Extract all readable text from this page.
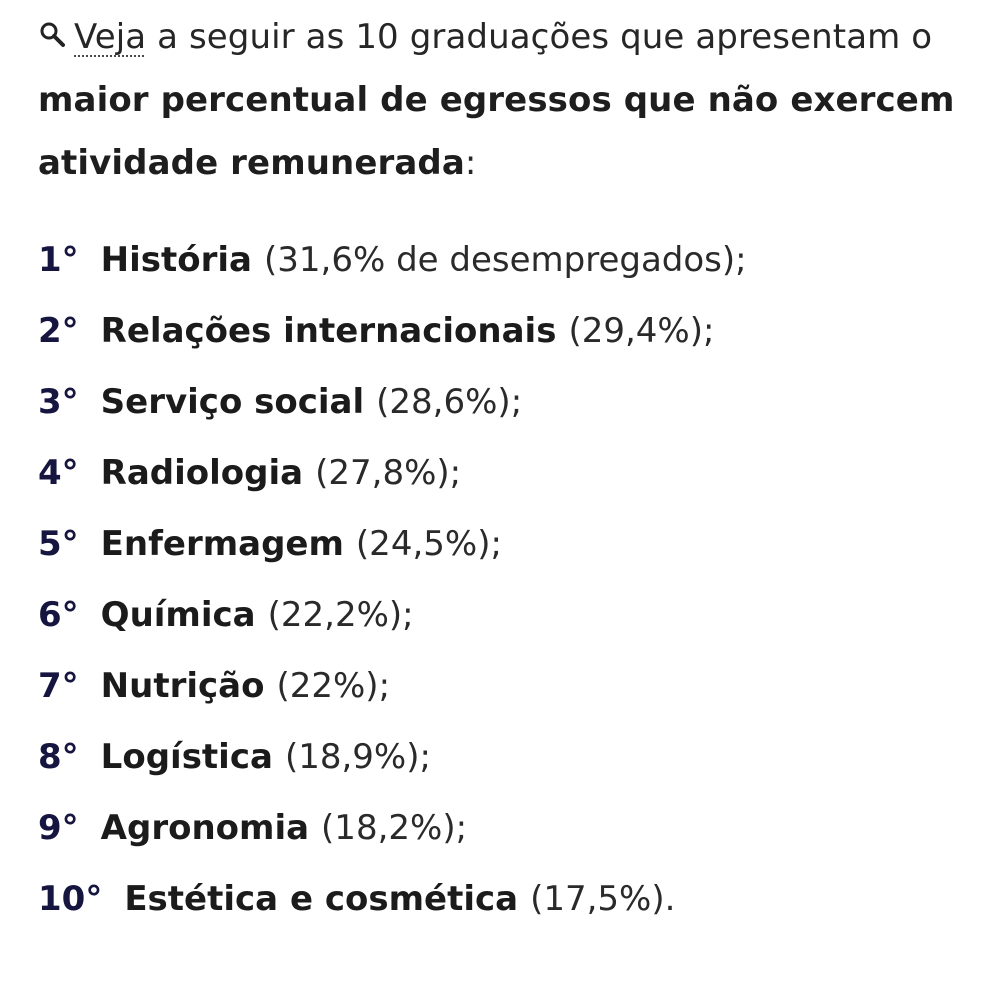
Veja a seguir as 10 graduações que apresentam o maior percentual de egressos que não exercem atividade remunerada:
1° História (31,6% de desempregados);
2° Relações internacionais (29,4%);
3° Serviço social (28,6%);
4° Radiologia (27,8%);
5° Enfermagem (24,5%);
6° Química (22,2%);
7° Nutrição (22%);
8° Logística (18,9%);
9° Agronomia (18,2%);
10° Estética e cosmética (17,5%).
